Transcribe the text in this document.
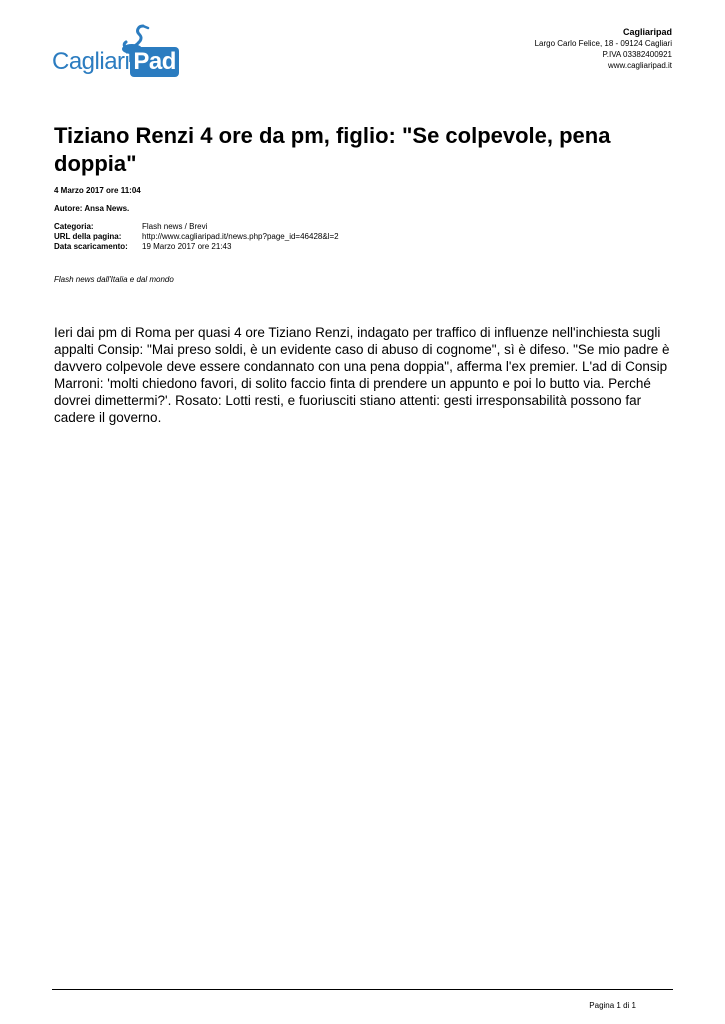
Cagliari Pad
Cagliaripad
Largo Carlo Felice, 18 - 09124 Cagliari
P.IVA 03382400921
www.cagliaripad.it
Tiziano Renzi 4 ore da pm, figlio: "Se colpevole, pena doppia"
4 Marzo 2017 ore 11:04
Autore: Ansa News.
Categoria:	Flash news / Brevi
URL della pagina:	http://www.cagliaripad.it/news.php?page_id=46428&l=2
Data scaricamento:	19 Marzo 2017 ore 21:43
Flash news dall'Italia e dal mondo

Ieri dai pm di Roma per quasi 4 ore Tiziano Renzi, indagato per traffico di influenze nell'inchiesta sugli appalti Consip: "Mai preso soldi, è un evidente caso di abuso di cognome", sì è difeso. "Se mio padre è davvero colpevole deve essere condannato con una pena doppia", afferma l'ex premier. L'ad di Consip Marroni: 'molti chiedono favori, di solito faccio finta di prendere un appunto e poi lo butto via. Perché dovrei dimettermi?'. Rosato: Lotti resti, e fuoriusciti stiano attenti: gesti irresponsabilità possono far cadere il governo.

Pagina 1 di 1
